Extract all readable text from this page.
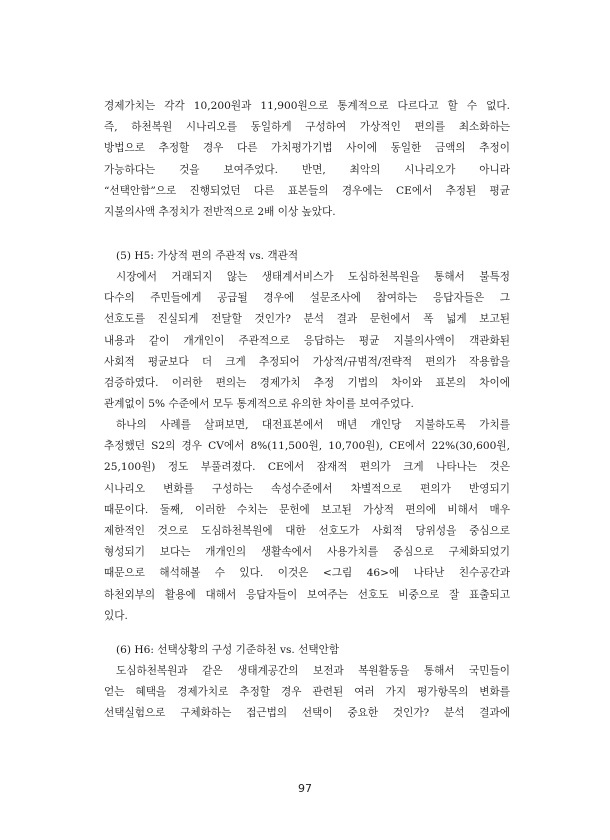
경제가치는 각각 10,200원과 11,900원으로 통계적으로 다르다고 할 수 없다.
즉, 하천복원 시나리오를 동일하게 구성하여 가상적인 편의를 최소화하는
방법으로 추정할 경우 다른 가치평가기법 사이에 동일한 금액의 추정이
가능하다는 것을 보여주었다. 반면, 최악의 시나리오가 아니라
“선택안함”으로 진행되었던 다른 표본들의 경우에는 CE에서 추정된 평균
지불의사액 추정치가 전반적으로 2배 이상 높았다.
(5) H5: 가상적 편의 주관적 vs. 객관적
시장에서 거래되지 않는 생태계서비스가 도심하천복원을 통해서 불특정
다수의 주민들에게 공급될 경우에 설문조사에 참여하는 응답자들은 그
선호도를 진실되게 전달할 것인가? 분석 결과 문헌에서 폭 넓게 보고된
내용과 같이 개개인이 주관적으로 응답하는 평균 지불의사액이 객관화된
사회적 평균보다 더 크게 추정되어 가상적/규범적/전략적 편의가 작용함을
검증하였다. 이러한 편의는 경제가치 추정 기법의 차이와 표본의 차이에
관계없이 5% 수준에서 모두 통계적으로 유의한 차이를 보여주었다.
하나의 사례를 살펴보면, 대전표본에서 매년 개인당 지불하도록 가치를
추정했던 S2의 경우 CV에서 8%(11,500원, 10,700원), CE에서 22%(30,600원,
25,100원) 정도 부풀려졌다. CE에서 잠재적 편의가 크게 나타나는 것은
시나리오 변화를 구성하는 속성수준에서 차별적으로 편의가 반영되기
때문이다. 둘째, 이러한 수치는 문헌에 보고된 가상적 편의에 비해서 매우
제한적인 것으로 도심하천복원에 대한 선호도가 사회적 당위성을 중심으로
형성되기 보다는 개개인의 생활속에서 사용가치를 중심으로 구체화되었기
때문으로 해석해볼 수 있다. 이것은 <그림 46>에 나타난 친수공간과
하천외부의 활용에 대해서 응답자들이 보여주는 선호도 비중으로 잘 표출되고
있다.
(6) H6: 선택상황의 구성 기준하천 vs. 선택안함
도심하천복원과 같은 생태계공간의 보전과 복원활동을 통해서 국민들이
얻는 혜택을 경제가치로 추정할 경우 관련된 여러 가지 평가항목의 변화를
선택실험으로 구체화하는 접근법의 선택이 중요한 것인가? 분석 결과에
97
